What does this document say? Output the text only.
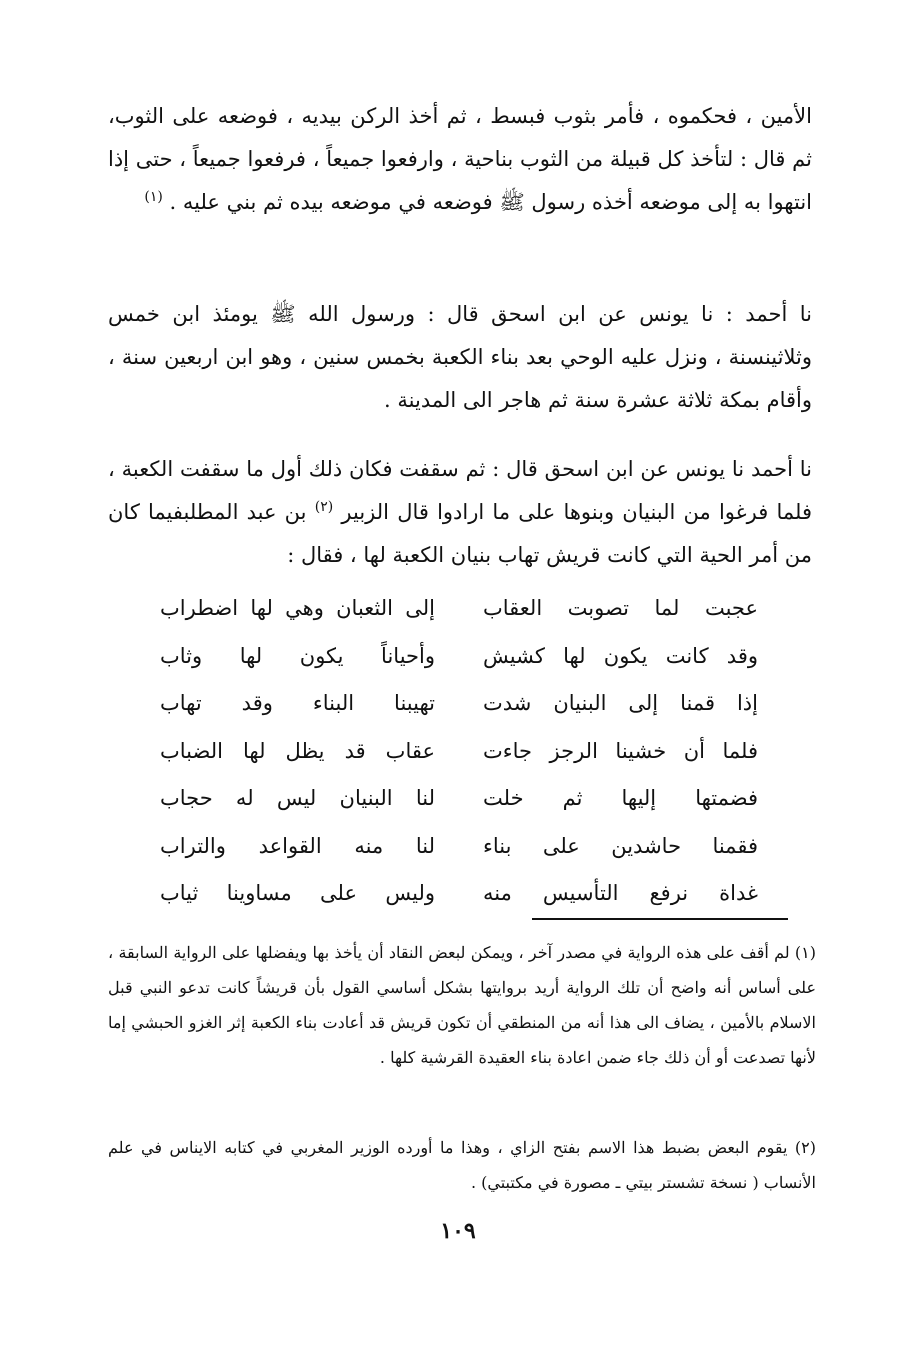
الأمين ، فحكموه ، فأمر بثوب فبسط ، ثم أخذ الركن بيديه ، فوضعه على الثوب، ثم قال : لتأخذ كل قبيلة من الثوب بناحية ، وارفعوا جميعاً ، فرفعوا جميعاً ، حتى إذا انتهوا به إلى موضعه أخذه رسول ﷺ فوضعه في موضعه بيده ثم بني عليه . $^{(١)}$

نا أحمد : نا يونس عن ابن اسحق قال : ورسول الله ﷺ يومئذ ابن خمس وثلاثينسنة ، ونزل عليه الوحي بعد بناء الكعبة بخمس سنين ، وهو ابن اربعين سنة ، وأقام بمكة ثلاثة عشرة سنة ثم هاجر الى المدينة .

نا أحمد نا يونس عن ابن اسحق قال : ثم سقفت فكان ذلك أول ما سقفت الكعبة ، فلما فرغوا من البنيان وبنوها على ما ارادوا قال الزبير $^{(٢)}$ بن عبد المطلبفيما كان من أمر الحية التي كانت قريش تهاب بنيان الكعبة لها ، فقال :

عجبت لما تصوبت العقاب
إلى الثعبان وهي لها اضطراب
وقد كانت يكون لها كشيش
وأحياناً يكون لها وثاب
إذا قمنا إلى البنيان شدت
تهيبنا البناء وقد تهاب
فلما أن خشينا الرجز جاءت
عقاب قد يظل لها الضباب
فضمتها إليها ثم خلت
لنا البنيان ليس له حجاب
فقمنا حاشدين على بناء
لنا منه القواعد والتراب
غداة نرفع التأسيس منه
وليس على مساوينا ثياب

(١) لم أقف على هذه الرواية في مصدر آخر ، ويمكن لبعض النقاد أن يأخذ بها ويفضلها على الرواية السابقة ، على أساس أنه واضح أن تلك الرواية أريد بروايتها بشكل أساسي القول بأن قريشاً كانت تدعو النبي قبل الاسلام بالأمين ، يضاف الى هذا أنه من المنطقي أن تكون قريش قد أعادت بناء الكعبة إثر الغزو الحبشي إما لأنها تصدعت أو أن ذلك جاء ضمن اعادة بناء العقيدة القرشية كلها .

(٢) يقوم البعض بضبط هذا الاسم بفتح الزاي ، وهذا ما أورده الوزير المغربي في كتابه الايناس في علم الأنساب ( نسخة تشستر بيتي ـ مصورة في مكتبتي) .

١٠٩
